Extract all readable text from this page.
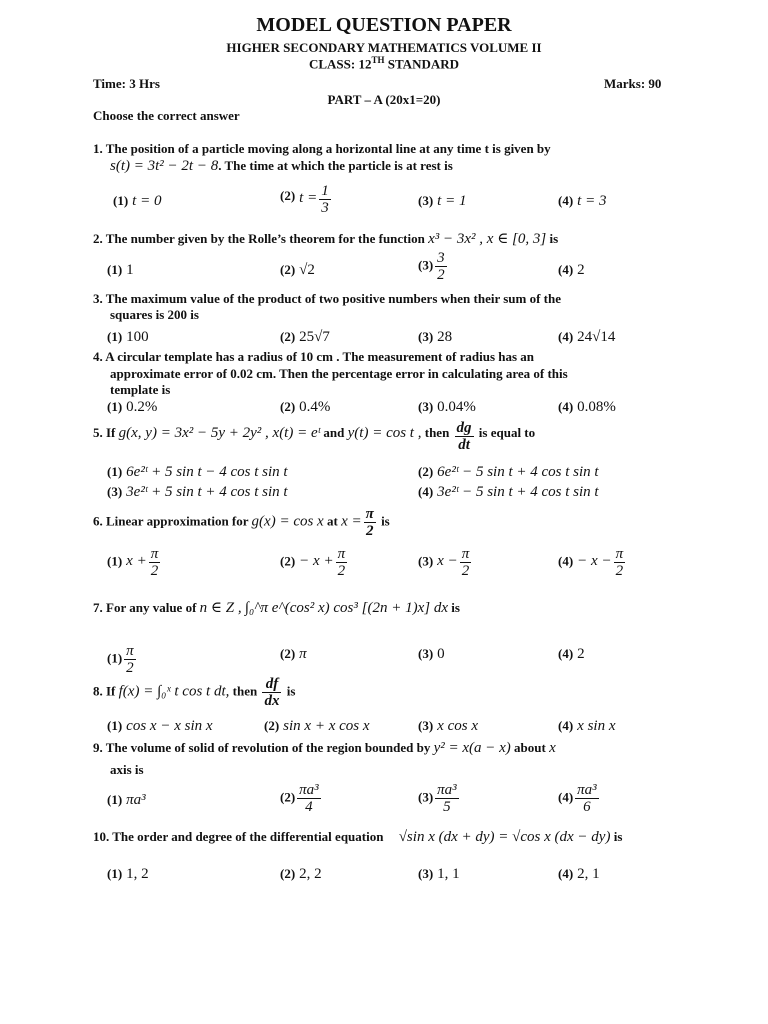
MODEL QUESTION PAPER
HIGHER SECONDARY MATHEMATICS VOLUME II
CLASS: 12TH STANDARD
Time: 3 Hrs	Marks: 90
PART – A (20x1=20)
Choose the correct answer
1. The position of a particle moving along a horizontal line at any time t is given by
s(t) = 3t² − 2t − 8. The time at which the particle is at rest is
(1) t = 0	(2) $t = \frac{1}{3}$	(3) t = 1	(4) t = 3
2. The number given by the Rolle’s theorem for the function x³ − 3x² , x ∈ [0, 3] is
(1) 1	(2) √2	$(3) \frac{3}{2}$	(4) 2
3. The maximum value of the product of two positive numbers when their sum of the
squares is 200 is
(1) 100	(2) 25√7	(3) 28	(4) 24√14
4. A circular template has a radius of 10 cm . The measurement of radius has an
approximate error of 0.02 cm. Then the percentage error in calculating area of this
template is
(1) 0.2%	(2) 0.4%	(3) 0.04%	(4) 0.08%
5. If g(x, y) = 3x² − 5y + 2y² , x(t) = eᵗ and y(t) = cos t , then $\frac{dg}{dt}$ is equal to
(1) 6e²ᵗ + 5 sin t − 4 cos t sin t	(2) 6e²ᵗ − 5 sin t + 4 cos t sin t
(3) 3e²ᵗ + 5 sin t + 4 cos t sin t	(4) 3e²ᵗ − 5 sin t + 4 cos t sin t
6. Linear approximation for g(x) = cos x at $x = \frac{\pi}{2}$ is
(1) $x + \frac{\pi}{2}$	$(2) - x + \frac{\pi}{2}$	(3) $x - \frac{\pi}{2}$	$(4) - x - \frac{\pi}{2}$
7. For any value of n ∈ Z , ∫₀^π e^(cos² x) cos³ [(2n + 1)x] dx is
$(1) \frac{\pi}{2}$	(2) π	(3) 0	(4) 2
8. If f(x) = ∫₀ˣ t cos t dt, then $\frac{df}{dx}$ is
(1) cos x − x sin x	(2) sin x + x cos x	(3) x cos x	(4) x sin x
9. The volume of solid of revolution of the region bounded by y² = x(a − x) about x
axis is
(1) πa³	$(2) \frac{\text{πa³}}{4}$	$(3) \frac{\text{πa³}}{5}$	$(4) \frac{\text{πa³}}{6}$
10. The order and degree of the differential equation √sin x (dx + dy) = √cos x (dx − dy) is
(1) 1, 2	(2) 2, 2	(3) 1, 1	(4) 2, 1
